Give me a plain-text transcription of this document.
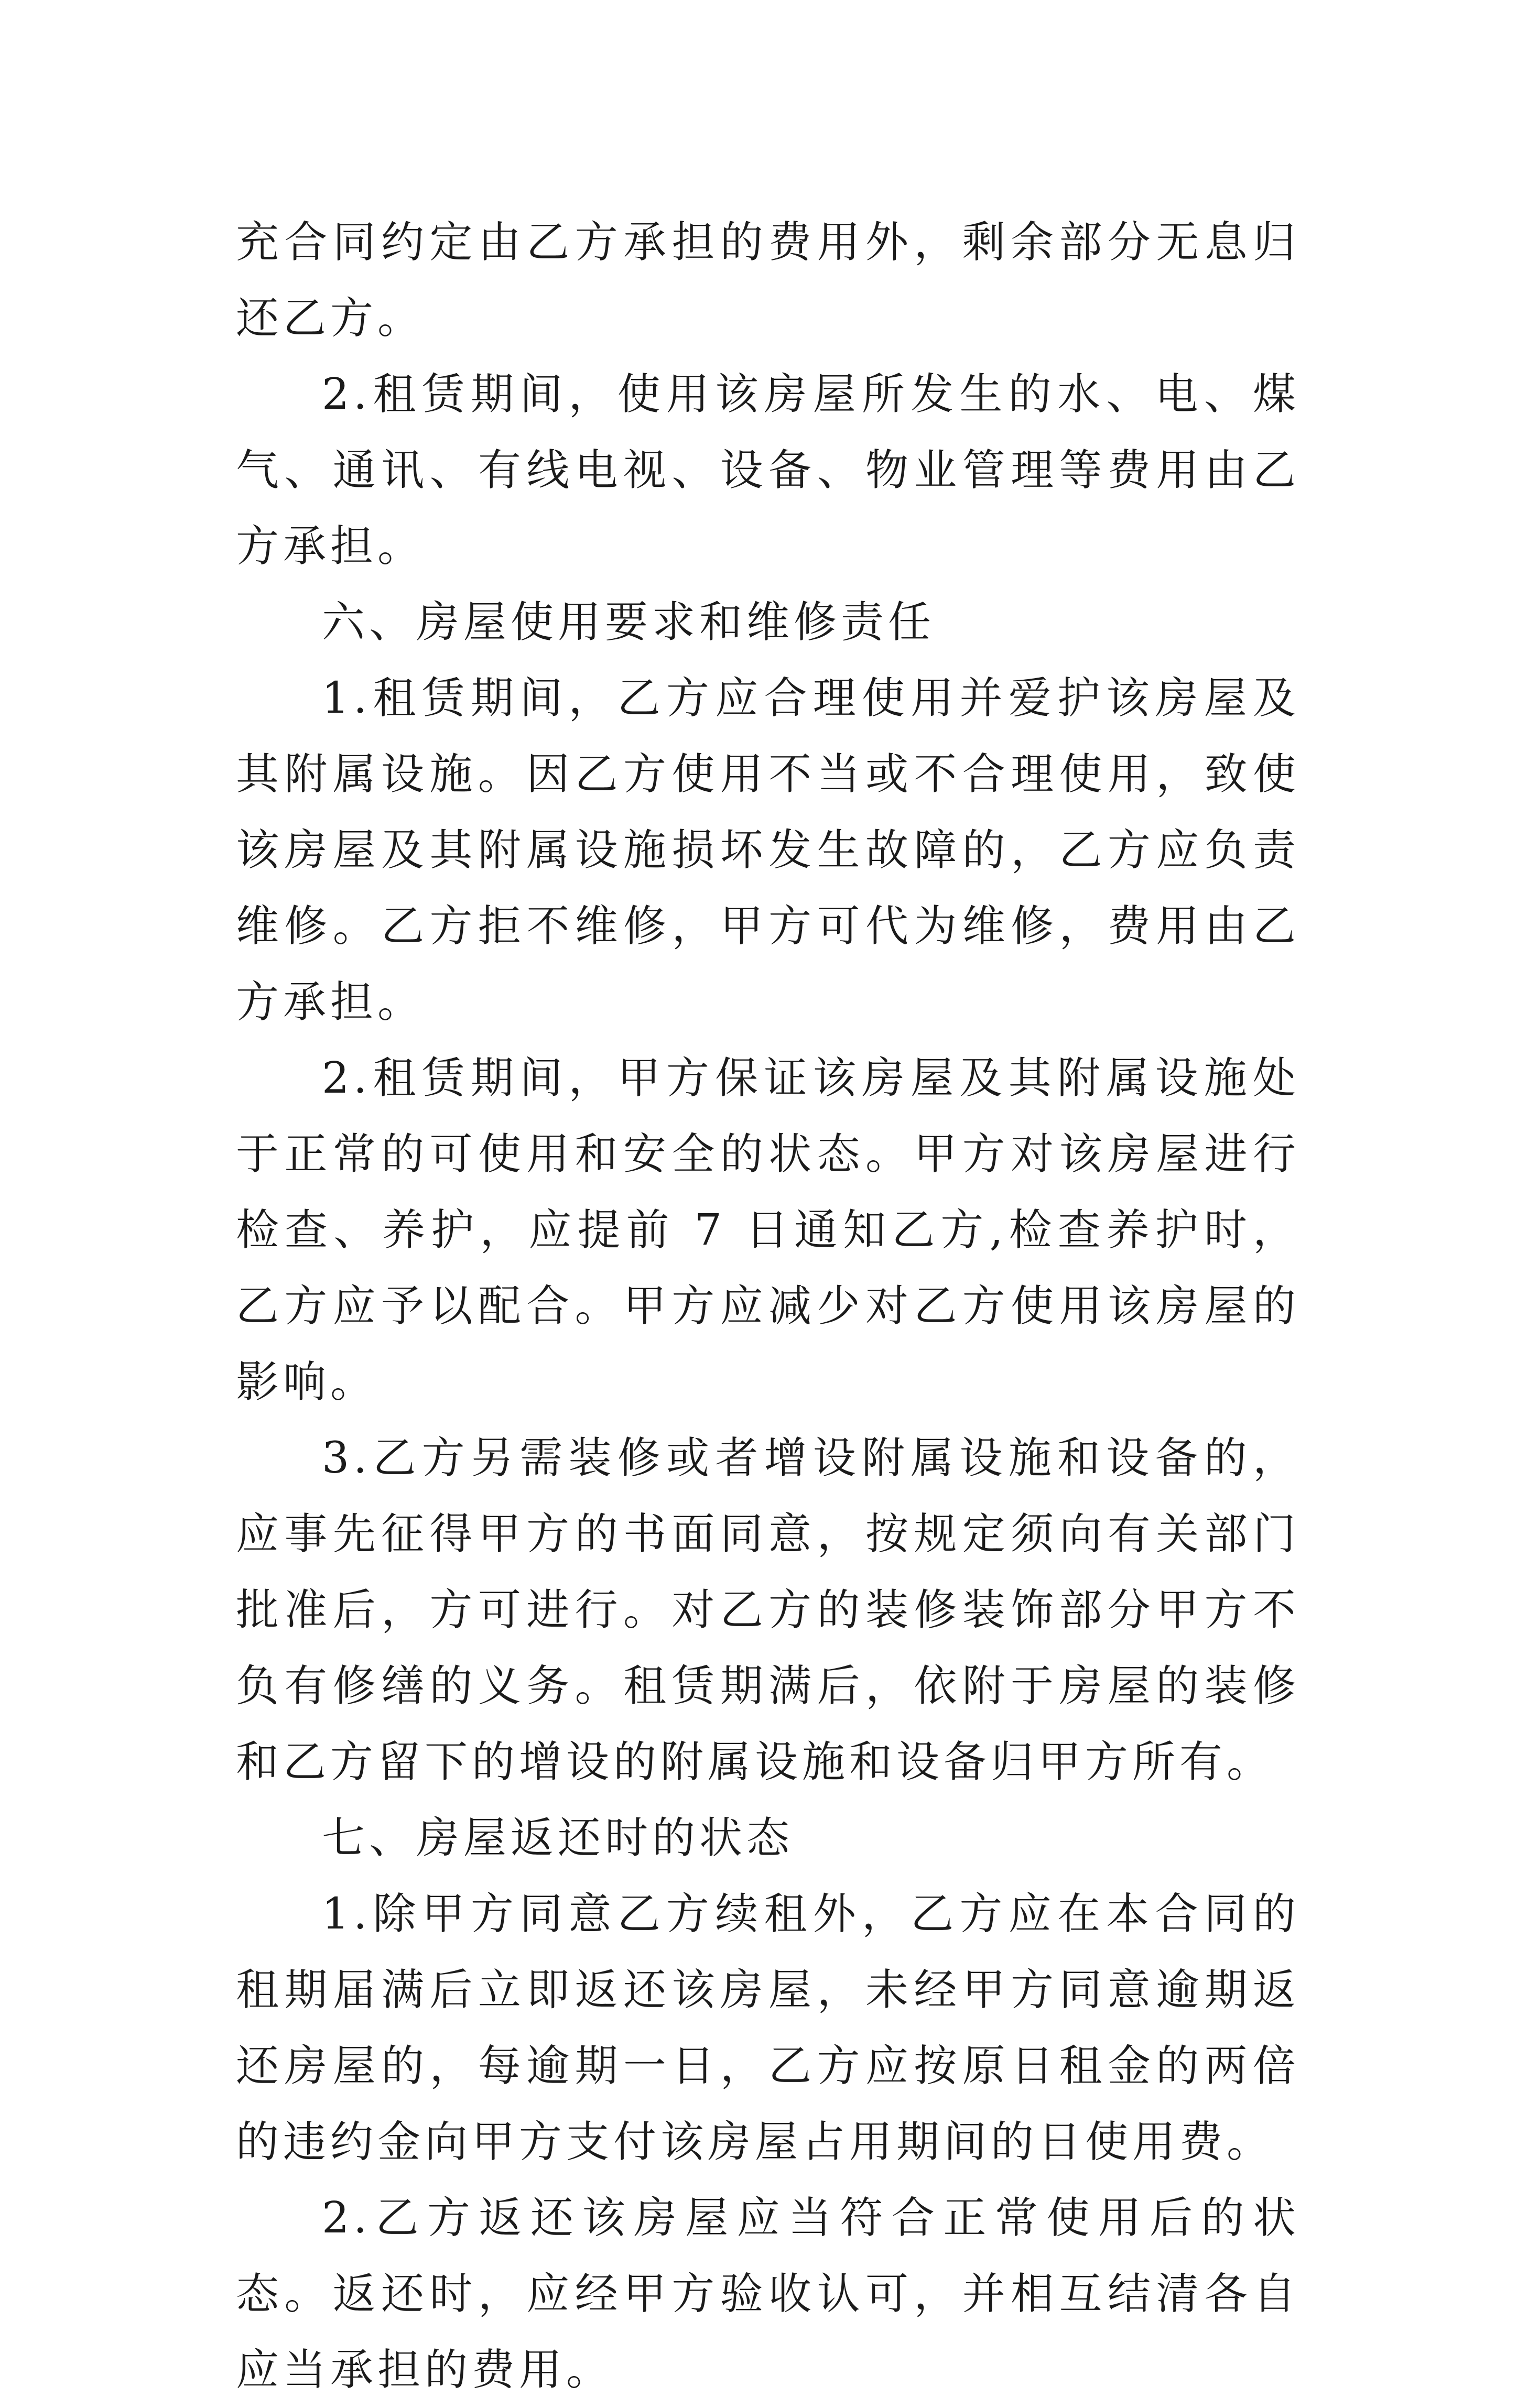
充合同约定由乙方承担的费用外，剩余部分无息归还乙方。

2.租赁期间，使用该房屋所发生的水、电、煤气、通讯、有线电视、设备、物业管理等费用由乙方承担。

六、房屋使用要求和维修责任

1.租赁期间，乙方应合理使用并爱护该房屋及其附属设施。因乙方使用不当或不合理使用，致使该房屋及其附属设施损坏发生故障的，乙方应负责维修。乙方拒不维修，甲方可代为维修，费用由乙方承担。

2.租赁期间，甲方保证该房屋及其附属设施处于正常的可使用和安全的状态。甲方对该房屋进行检查、养护，应提前 7 日通知乙方,检查养护时，乙方应予以配合。甲方应减少对乙方使用该房屋的影响。

3.乙方另需装修或者增设附属设施和设备的，应事先征得甲方的书面同意，按规定须向有关部门批准后，方可进行。对乙方的装修装饰部分甲方不负有修缮的义务。租赁期满后，依附于房屋的装修和乙方留下的增设的附属设施和设备归甲方所有。

七、房屋返还时的状态

1.除甲方同意乙方续租外，乙方应在本合同的租期届满后立即返还该房屋，未经甲方同意逾期返还房屋的，每逾期一日，乙方应按原日租金的两倍的违约金向甲方支付该房屋占用期间的日使用费。

2.乙方返还该房屋应当符合正常使用后的状态。返还时，应经甲方验收认可，并相互结清各自应当承担的费用。
